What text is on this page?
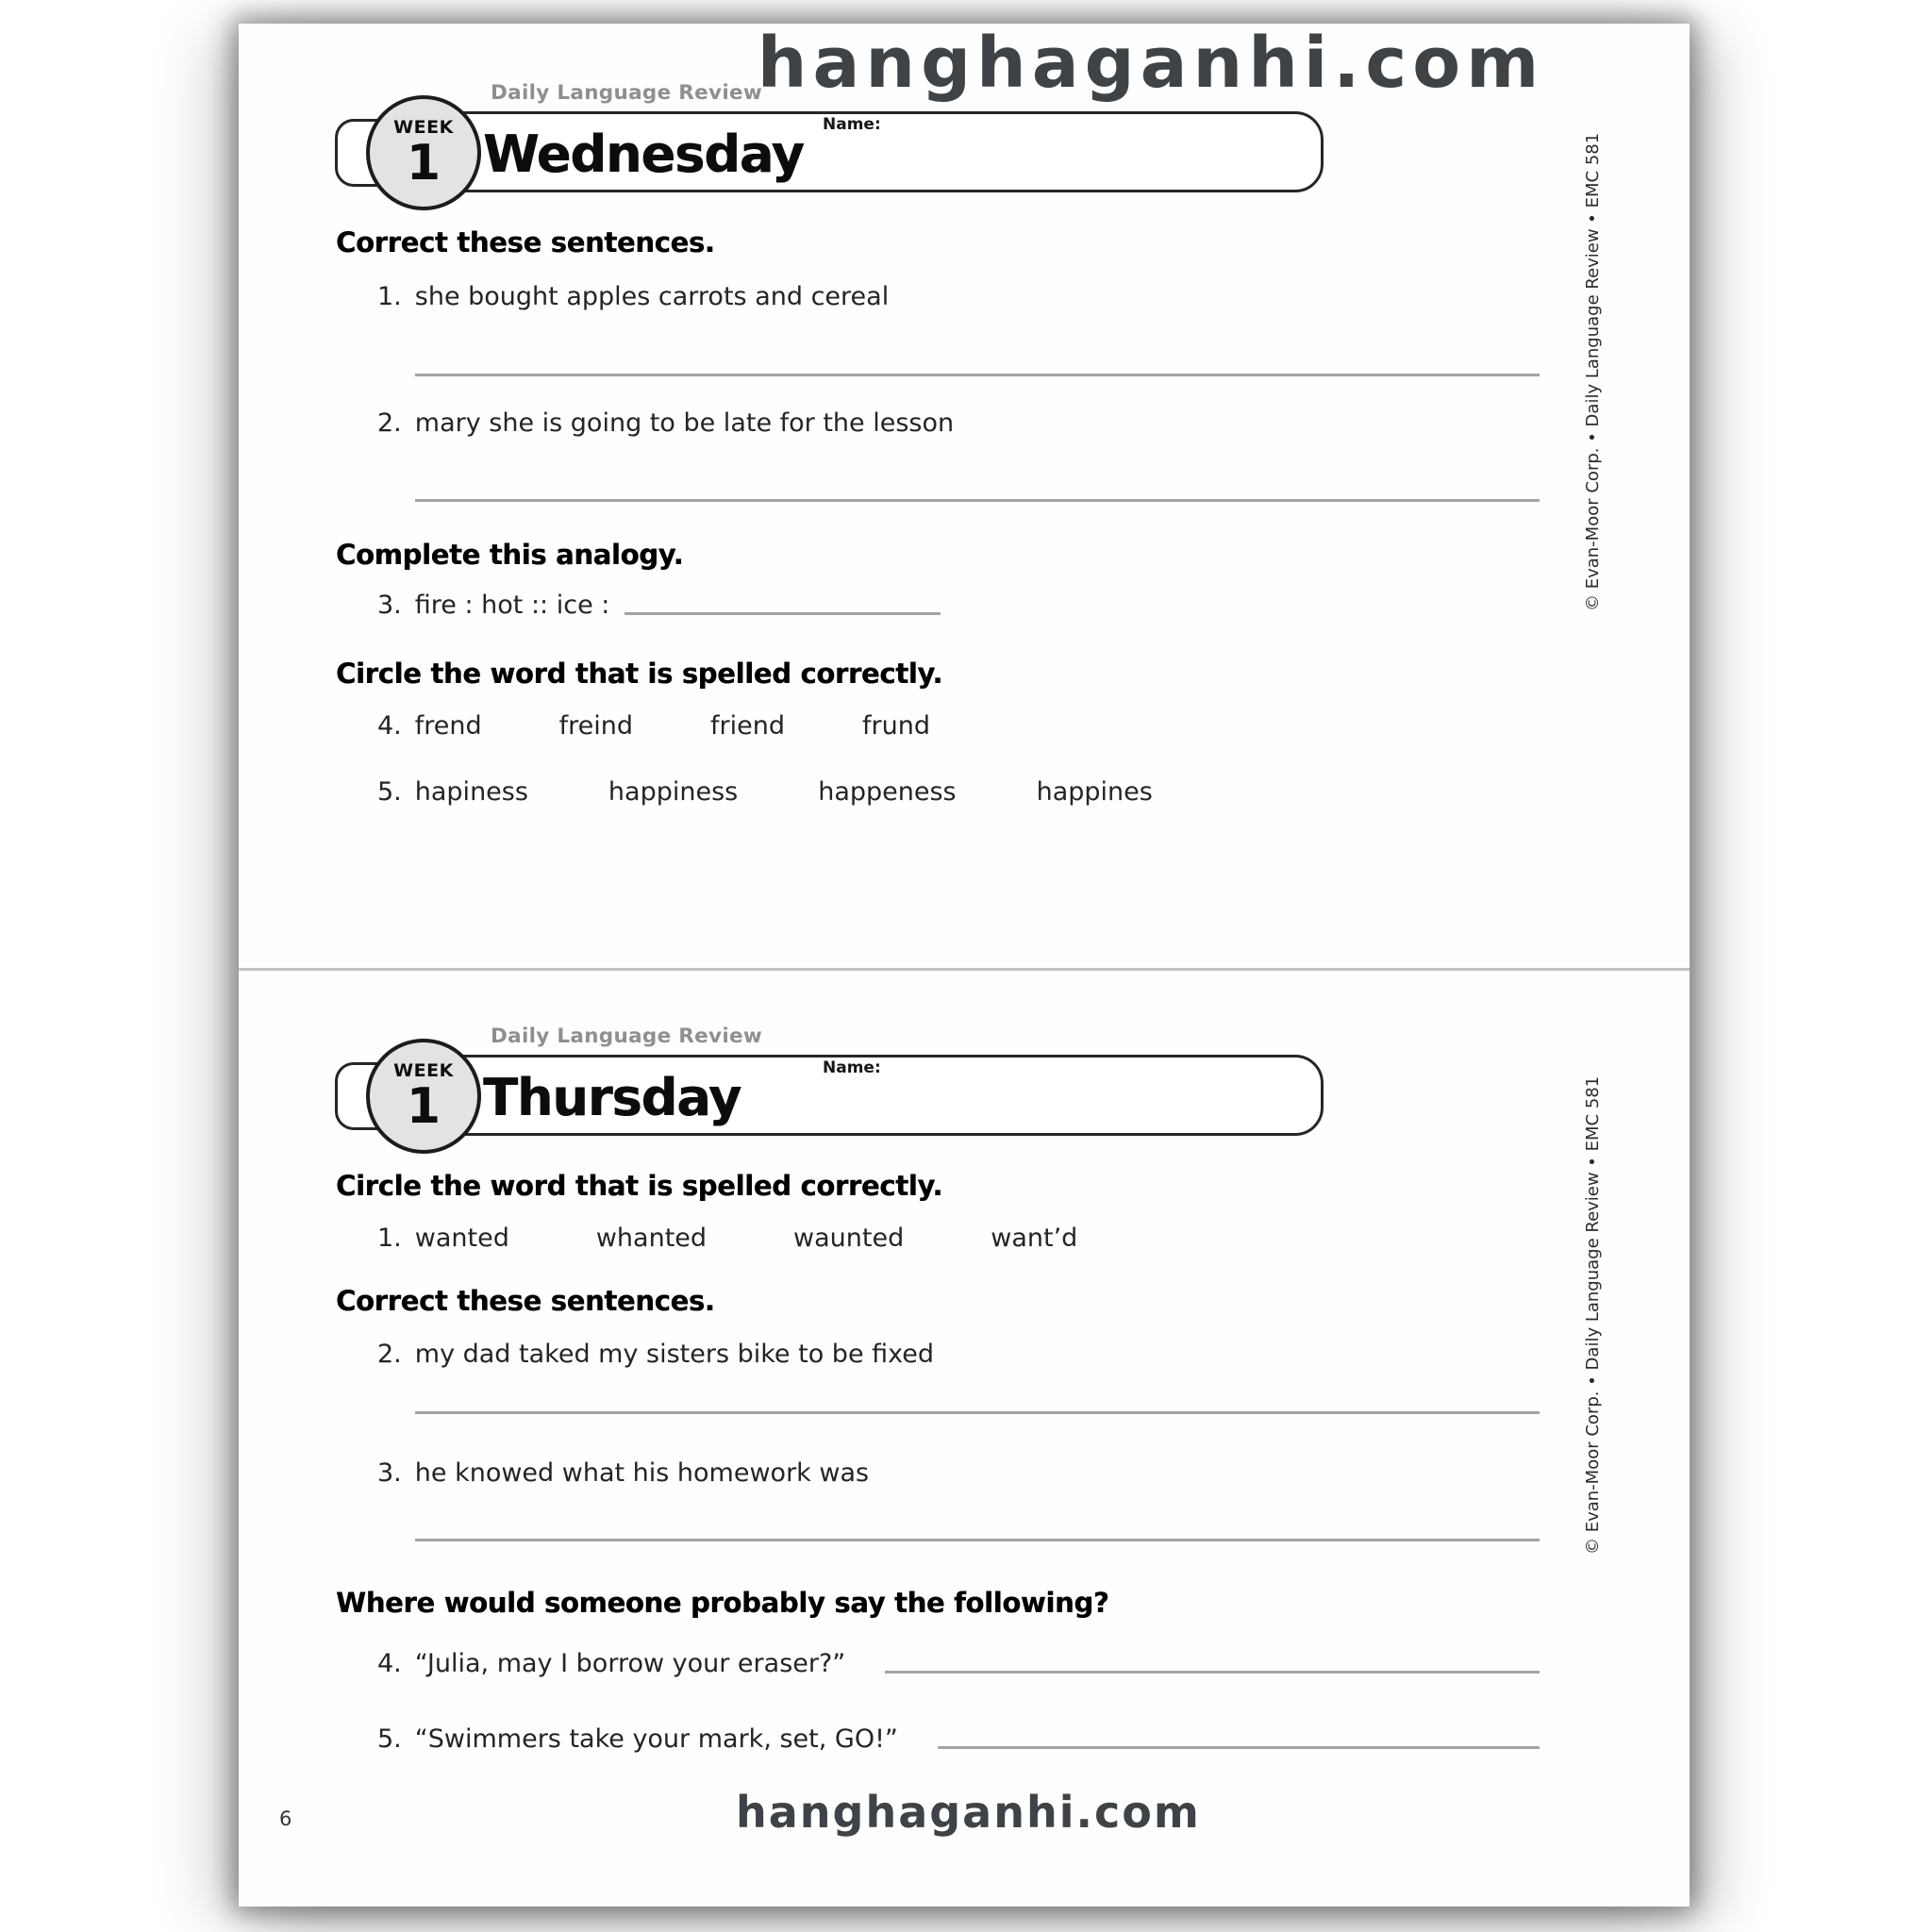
hanghaganhi.com
Daily Language Review
WEEK
1 Wednesday Name:
Correct these sentences.
1. she bought apples carrots and cereal
2. mary she is going to be late for the lesson
Complete this analogy.
3. fire : hot :: ice :
Circle the word that is spelled correctly.
4. frend	freind	friend	frund
5. hapiness	happiness	happeness	happines
© Evan-Moor Corp. • Daily Language Review • EMC 581
Daily Language Review
WEEK
1 Thursday	Name:
Circle the word that is spelled correctly.
1. wanted	whanted	waunted	want’d
Correct these sentences.
2. my dad taked my sisters bike to be fixed
3. he knowed what his homework was
Where would someone probably say the following?
4. “Julia, may I borrow your eraser?”
5. “Swimmers take your mark, set, GO!”
© Evan-Moor Corp. • Daily Language Review • EMC 581
6	hanghaganhi.com
